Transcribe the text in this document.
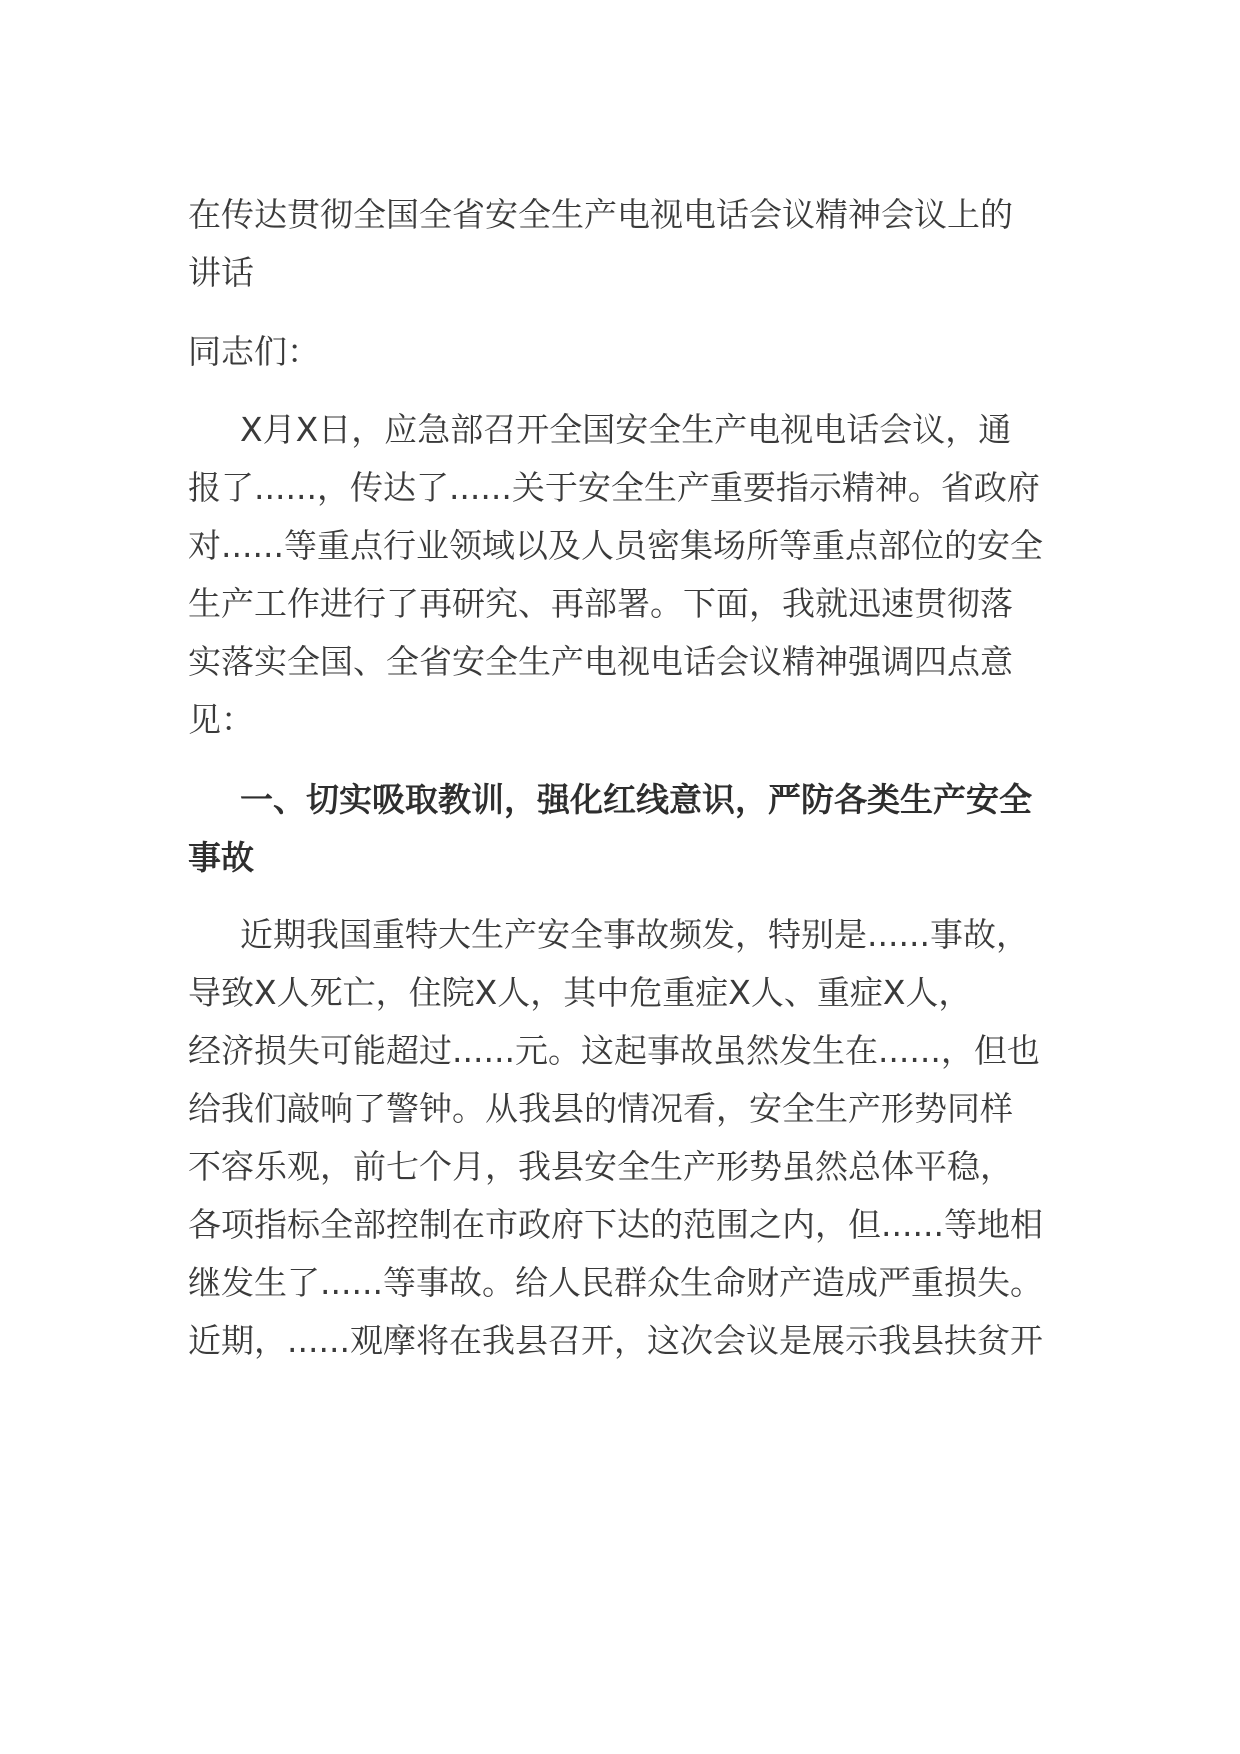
在传达贯彻全国全省安全生产电视电话会议精神会议上的
讲话
同志们：
X月X日，应急部召开全国安全生产电视电话会议，通
报了......，传达了......关于安全生产重要指示精神。省政府
对......等重点行业领域以及人员密集场所等重点部位的安全
生产工作进行了再研究、再部署。下面，我就迅速贯彻落
实落实全国、全省安全生产电视电话会议精神强调四点意
见：
一、切实吸取教训，强化红线意识，严防各类生产安全
事故
近期我国重特大生产安全事故频发，特别是......事故，
导致X人死亡，住院X人，其中危重症X人、重症X人，
经济损失可能超过......元。这起事故虽然发生在......，但也
给我们敲响了警钟。从我县的情况看，安全生产形势同样
不容乐观，前七个月，我县安全生产形势虽然总体平稳，
各项指标全部控制在市政府下达的范围之内，但......等地相
继发生了......等事故。给人民群众生命财产造成严重损失。
近期，......观摩将在我县召开，这次会议是展示我县扶贫开
